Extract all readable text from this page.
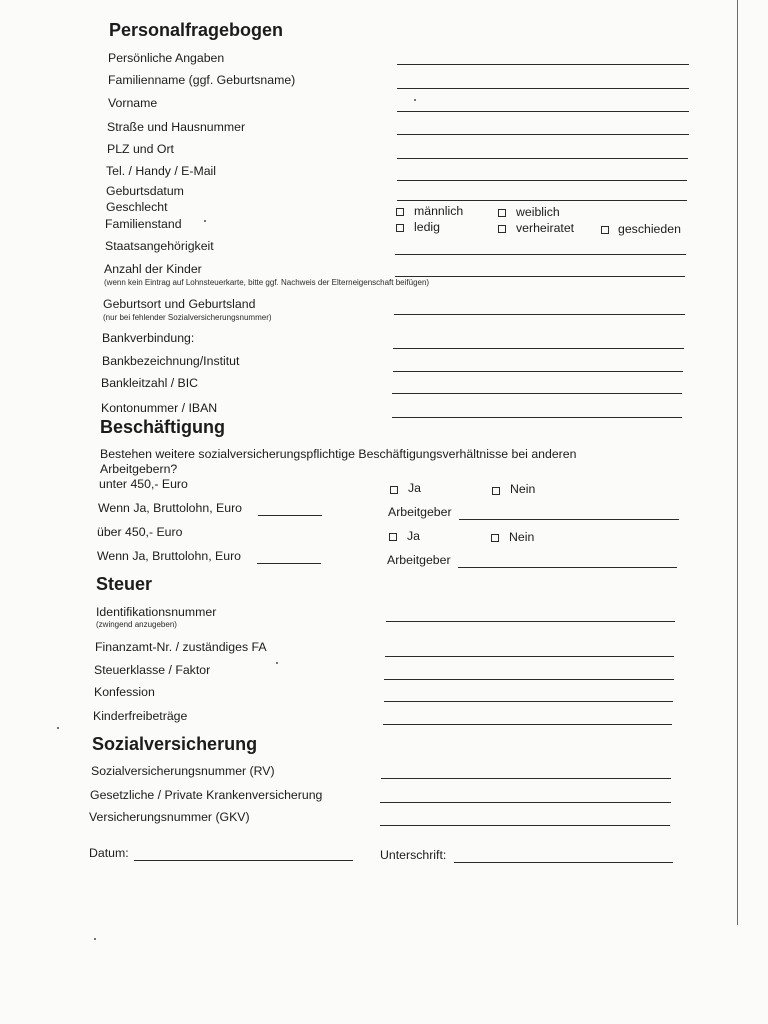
Personalfragebogen
Persönliche Angaben
Familienname (ggf. Geburtsname)
Vorname
Straße und Hausnummer
PLZ und Ort
Tel. / Handy / E-Mail
Geburtsdatum
Geschlecht	männlich	weiblich
Familienstand	ledig	verheiratet	geschieden
Staatsangehörigkeit
Anzahl der Kinder
(wenn kein Eintrag auf Lohnsteuerkarte, bitte ggf. Nachweis der Elterneigenschaft beifügen)
Geburtsort und Geburtsland
(nur bei fehlender Sozialversicherungsnummer)
Bankverbindung:
Bankbezeichnung/Institut
Bankleitzahl / BIC
Kontonummer / IBAN
Beschäftigung
Bestehen weitere sozialversicherungspflichtige Beschäftigungsverhältnisse bei anderen
Arbeitgebern?
unter 450,- Euro	Ja	Nein
Wenn Ja, Bruttolohn, Euro	Arbeitgeber
über 450,- Euro	Ja	Nein
Wenn Ja, Bruttolohn, Euro	Arbeitgeber
Steuer
Identifikationsnummer
(zwingend anzugeben)
Finanzamt-Nr. / zuständiges FA
Steuerklasse / Faktor
Konfession
Kinderfreibeträge
Sozialversicherung
Sozialversicherungsnummer (RV)
Gesetzliche / Private Krankenversicherung
Versicherungsnummer (GKV)
Datum:	Unterschrift:
